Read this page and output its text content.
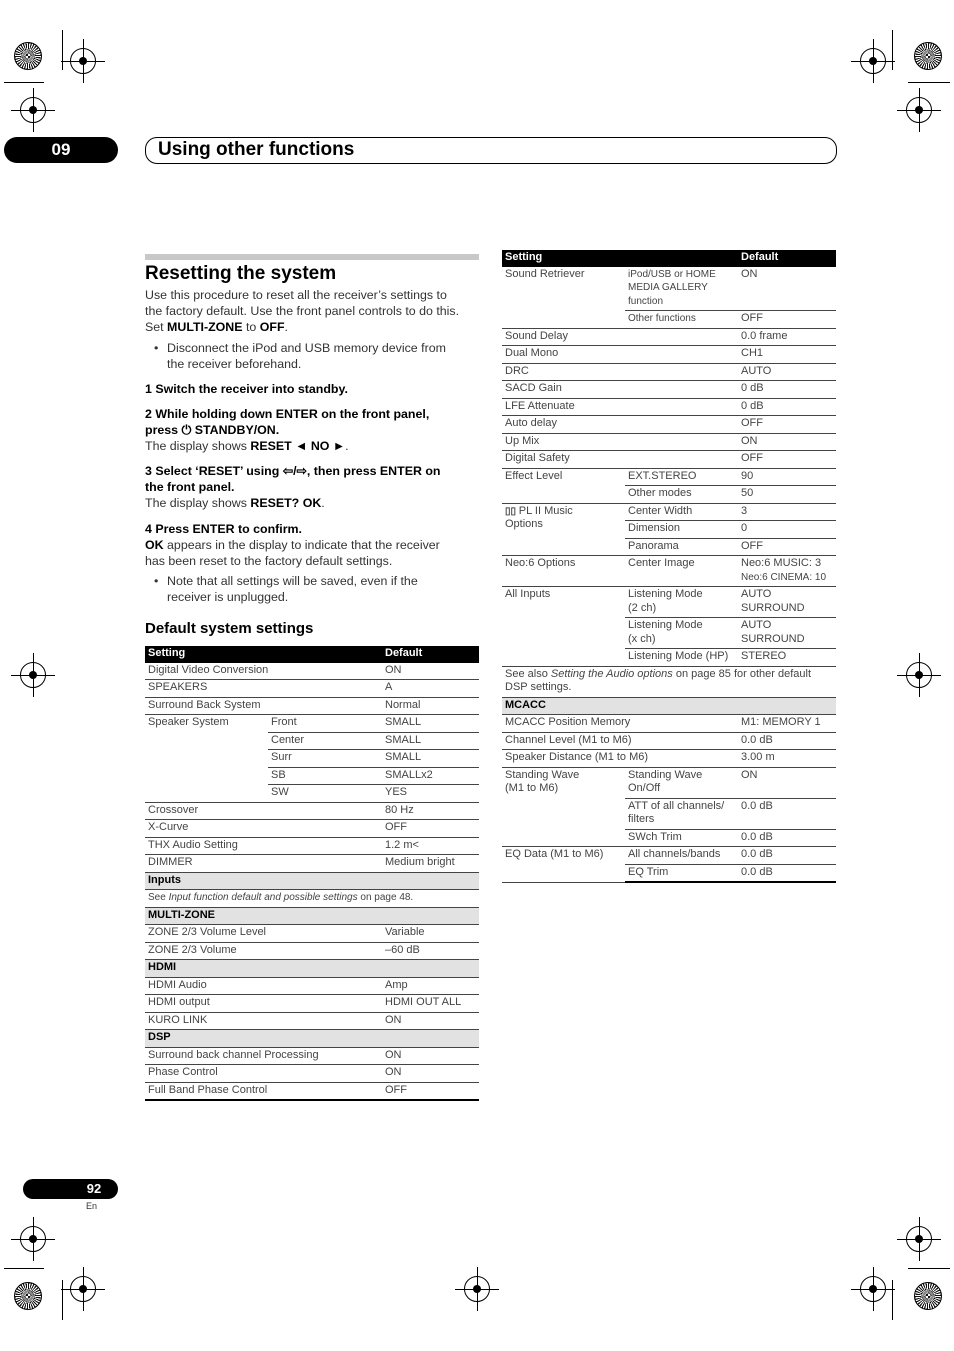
09	Using other functions
Resetting the system
Use this procedure to reset all the receiver’s settings to
the factory default. Use the front panel controls to do this.
Set MULTI-ZONE to OFF.
• Disconnect the iPod and USB memory device from
the receiver beforehand.
1 Switch the receiver into standby.
2 While holding down ENTER on the front panel,
press ⏻ STANDBY/ON.
The display shows RESET ◄ NO ►.
3 Select ‘RESET’ using ⇦/⇨, then press ENTER on
the front panel.
The display shows RESET? OK.
4 Press ENTER to confirm.
OK appears in the display to indicate that the receiver
has been reset to the factory default settings.
• Note that all settings will be saved, even if the
receiver is unplugged.
Default system settings
Setting		Default
Digital Video Conversion		ON
SPEAKERS		A
Surround Back System		Normal
Speaker System	Front	SMALL
	Center	SMALL
	Surr	SMALL
	SB	SMALLx2
	SW	YES
Crossover		80 Hz
X-Curve		OFF
THX Audio Setting		1.2 m<
DIMMER		Medium bright
Inputs		
See Input function default and possible settings on page 48.		
MULTI-ZONE		
ZONE 2/3 Volume Level		Variable
ZONE 2/3 Volume		–60 dB
HDMI		
HDMI Audio		Amp
HDMI output		HDMI OUT ALL
KURO LINK		ON
DSP		
Surround back channel Processing		ON
Phase Control		ON
Full Band Phase Control		OFF
Setting		Default
Sound Retriever	iPod/USB or HOME MEDIA GALLERY function	ON
	Other functions	OFF
Sound Delay		0.0 frame
Dual Mono		CH1
DRC		AUTO
SACD Gain		0 dB
LFE Attenuate		0 dB
Auto delay		OFF
Up Mix		ON
Digital Safety		OFF
Effect Level	EXT.STEREO	90
	Other modes	50
▯▯ PL II Music
Options	Center Width	3
	Dimension	0
	Panorama	OFF
Neo:6 Options	Center Image	Neo:6 MUSIC: 3
Neo:6 CINEMA: 10
All Inputs	Listening Mode
(2 ch)	AUTO
SURROUND
	Listening Mode
(x ch)	AUTO
SURROUND
	Listening Mode (HP)	STEREO
See also Setting the Audio options on page 85 for other default DSP settings.		
MCACC		
MCACC Position Memory		M1: MEMORY 1
Channel Level (M1 to M6)		0.0 dB
Speaker Distance (M1 to M6)		3.00 m
Standing Wave
(M1 to M6)	Standing Wave
On/Off	ON
	ATT of all channels/
filters	0.0 dB
	SWch Trim	0.0 dB
EQ Data (M1 to M6)	All channels/bands	0.0 dB
	EQ Trim	0.0 dB
92
En
